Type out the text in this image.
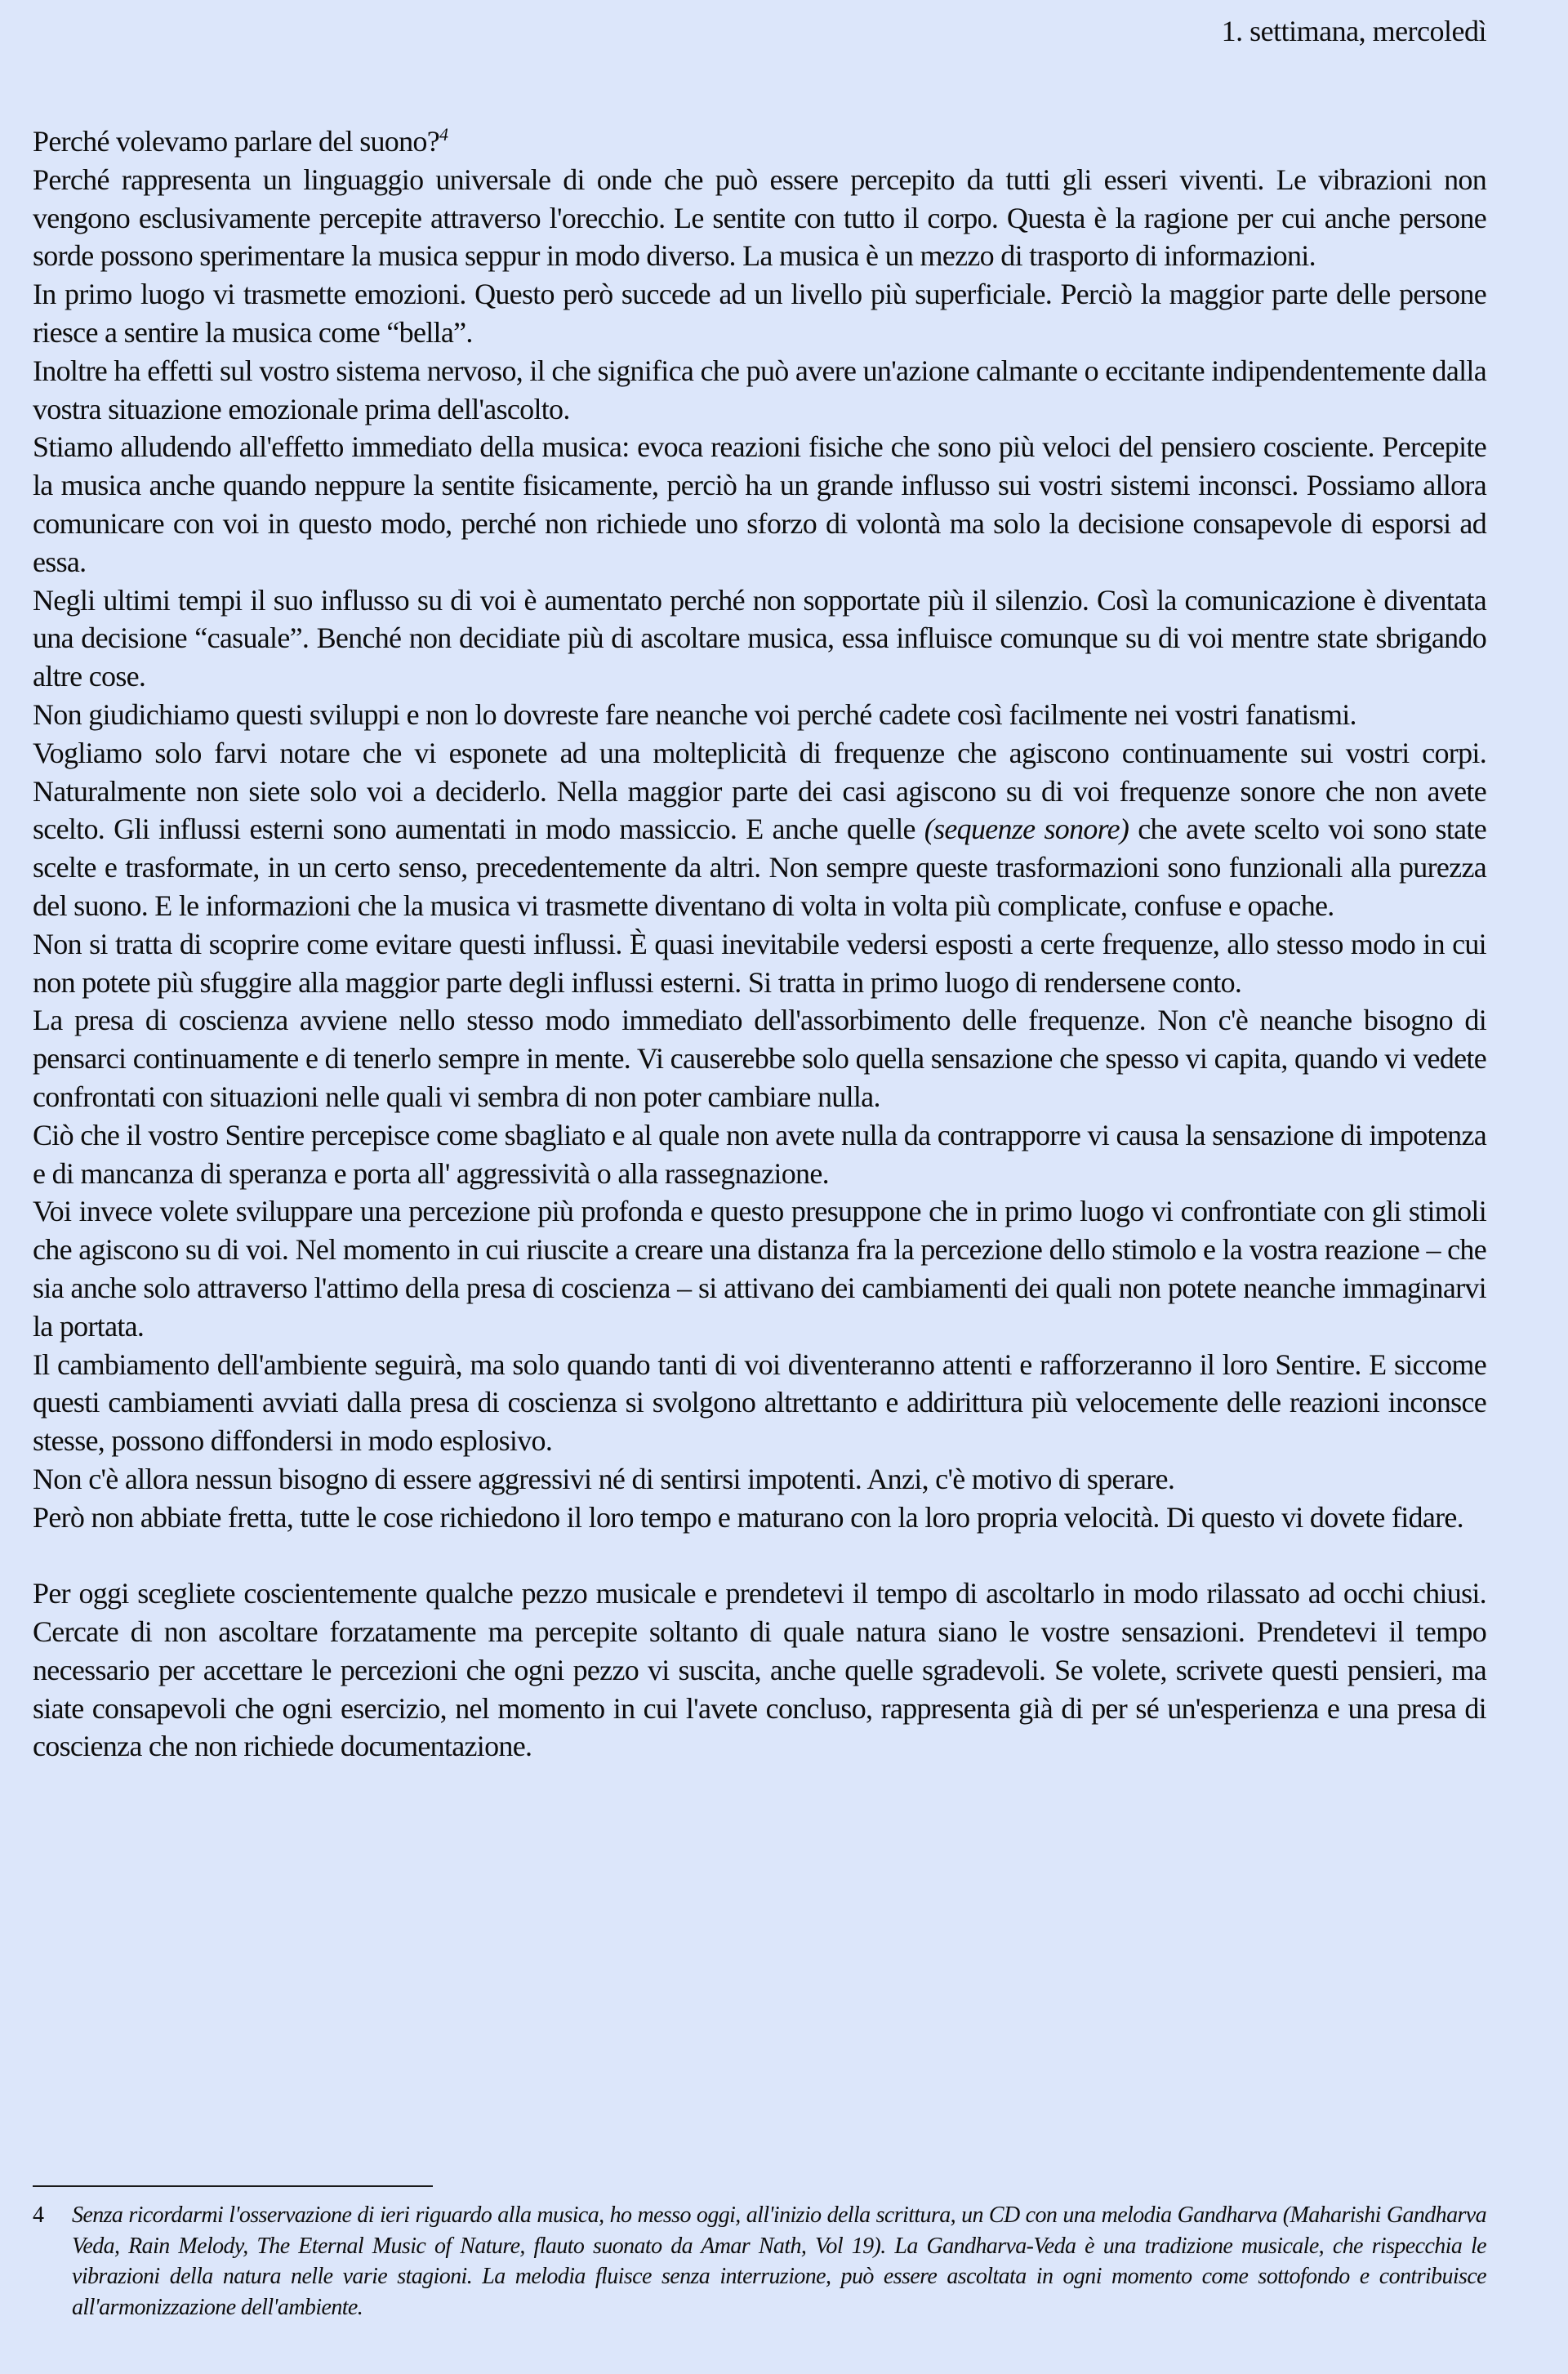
1. settimana, mercoledì

Perché volevamo parlare del suono?$^4$

Perché rappresenta un linguaggio universale di onde che può essere percepito da tutti gli esseri viventi. Le vibrazioni non vengono esclusivamente percepite attraverso l'orecchio. Le sentite con tutto il corpo. Questa è la ragione per cui anche persone sorde possono sperimentare la musica seppur in modo diverso. La musica è un mezzo di trasporto di informazioni.

In primo luogo vi trasmette emozioni. Questo però succede ad un livello più superficiale. Perciò la maggior parte delle persone riesce a sentire la musica come “bella”.

Inoltre ha effetti sul vostro sistema nervoso, il che significa che può avere un'azione calmante o eccitante indipendentemente dalla vostra situazione emozionale prima dell'ascolto.

Stiamo alludendo all'effetto immediato della musica: evoca reazioni fisiche che sono più veloci del pensiero cosciente. Percepite la musica anche quando neppure la sentite fisicamente, perciò ha un grande influsso sui vostri sistemi inconsci. Possiamo allora comunicare con voi in questo modo, perché non richiede uno sforzo di volontà ma solo la decisione consapevole di esporsi ad essa.

Negli ultimi tempi il suo influsso su di voi è aumentato perché non sopportate più il silenzio. Così la comunicazione è diventata una decisione “casuale”. Benché non decidiate più di ascoltare musica, essa influisce comunque su di voi mentre state sbrigando altre cose.

Non giudichiamo questi sviluppi e non lo dovreste fare neanche voi perché cadete così facilmente nei vostri fanatismi.

Vogliamo solo farvi notare che vi esponete ad una molteplicità di frequenze che agiscono continuamente sui vostri corpi. Naturalmente non siete solo voi a deciderlo. Nella maggior parte dei casi agiscono su di voi frequenze sonore che non avete scelto. Gli influssi esterni sono aumentati in modo massiccio. E anche quelle (sequenze sonore) che avete scelto voi sono state scelte e trasformate, in un certo senso, precedentemente da altri. Non sempre queste trasformazioni sono funzionali alla purezza del suono. E le informazioni che la musica vi trasmette diventano di volta in volta più complicate, confuse e opache.

Non si tratta di scoprire come evitare questi influssi. È quasi inevitabile vedersi esposti a certe frequenze, allo stesso modo in cui non potete più sfuggire alla maggior parte degli influssi esterni. Si tratta in primo luogo di rendersene conto.

La presa di coscienza avviene nello stesso modo immediato dell'assorbimento delle frequenze. Non c'è neanche bisogno di pensarci continuamente e di tenerlo sempre in mente. Vi causerebbe solo quella sensazione che spesso vi capita, quando vi vedete confrontati con situazioni nelle quali vi sembra di non poter cambiare nulla.

Ciò che il vostro Sentire percepisce come sbagliato e al quale non avete nulla da contrapporre vi causa la sensazione di impotenza e di mancanza di speranza e porta all' aggressività o alla rassegnazione.

Voi invece volete sviluppare una percezione più profonda e questo presuppone che in primo luogo vi confrontiate con gli stimoli che agiscono su di voi. Nel momento in cui riuscite a creare una distanza fra la percezione dello stimolo e la vostra reazione – che sia anche solo attraverso l'attimo della presa di coscienza – si attivano dei cambiamenti dei quali non potete neanche immaginarvi la portata.

Il cambiamento dell'ambiente seguirà, ma solo quando tanti di voi diventeranno attenti e rafforzeranno il loro Sentire. E siccome questi cambiamenti avviati dalla presa di coscienza si svolgono altrettanto e addirittura più velocemente delle reazioni inconsce stesse, possono diffondersi in modo esplosivo.

Non c'è allora nessun bisogno di essere aggressivi né di sentirsi impotenti. Anzi, c'è motivo di sperare.

Però non abbiate fretta, tutte le cose richiedono il loro tempo e maturano con la loro propria velocità. Di questo vi dovete fidare.

Per oggi scegliete coscientemente qualche pezzo musicale e prendetevi il tempo di ascoltarlo in modo rilassato ad occhi chiusi. Cercate di non ascoltare forzatamente ma percepite soltanto di quale natura siano le vostre sensazioni. Prendetevi il tempo necessario per accettare le percezioni che ogni pezzo vi suscita, anche quelle sgradevoli. Se volete, scrivete questi pensieri, ma siate consapevoli che ogni esercizio, nel momento in cui l'avete concluso, rappresenta già di per sé un'esperienza e una presa di coscienza che non richiede documentazione.

4	Senza ricordarmi l'osservazione di ieri riguardo alla musica, ho messo oggi, all'inizio della scrittura, un CD con una melodia Gandharva (Maharishi Gandharva Veda, Rain Melody, The Eternal Music of Nature, flauto suonato da Amar Nath, Vol 19). La Gandharva-Veda è una tradizione musicale, che rispecchia le vibrazioni della natura nelle varie stagioni. La melodia fluisce senza interruzione, può essere ascoltata in ogni momento come sottofondo e contribuisce all'armonizzazione dell'ambiente.
